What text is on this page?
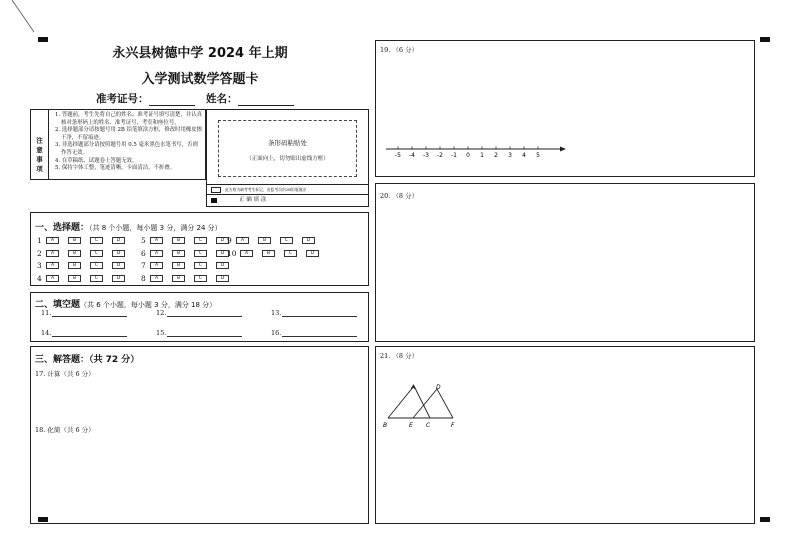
永兴县树德中学 2024 年上期
入学测试数学答题卡
准考证号：	姓名：
注意事项
1. 答题前，考生先将自己的姓名、准考证号填写清楚，并认真核对条形码上的姓名、准考证号、考室和座位号。
2. 选择题部分请按题号用 2B 铅笔填涂方框，修改时用橡皮擦干净，不留痕迹。
3. 非选择题部分请按照题号用 0.5 毫米黑色水笔书写，否则作答无效。
4. 在草稿纸、试题卷上答题无效。
5. 保持字体工整，笔迹清晰，卡面清洁，不折叠。
条形码粘贴处
（正面向上，切勿贴出虚线方框）
此方框为缺考考生标记，由监考员用2B铅笔填涂
正 确 填 涂
一、选择题：（共 8 个小题，每小题 3 分，满分 24 分）
1	A	B	C	D
2	A	B	C	D
3	A	B	C	D
4	A	B	C	D
5	A	B	C	D
6	A	B	C	D
7	A	B	C	D
8	A	B	C	D
9	A	B	C	D
10	A	B	C	D
二、填空题（共 6 个小题，每小题 3 分，满分 18 分）
11.	12.	13.
14.	15.	16.
三、解答题：（共 72 分）
17. 计算（共 6 分）
18. 化简（共 6 分）
19. （6 分）
-5 -4 -3 -2 -1 0 1 2 3 4 5
20. （8 分）
21. （8 分）
A	D
B	E C	F
